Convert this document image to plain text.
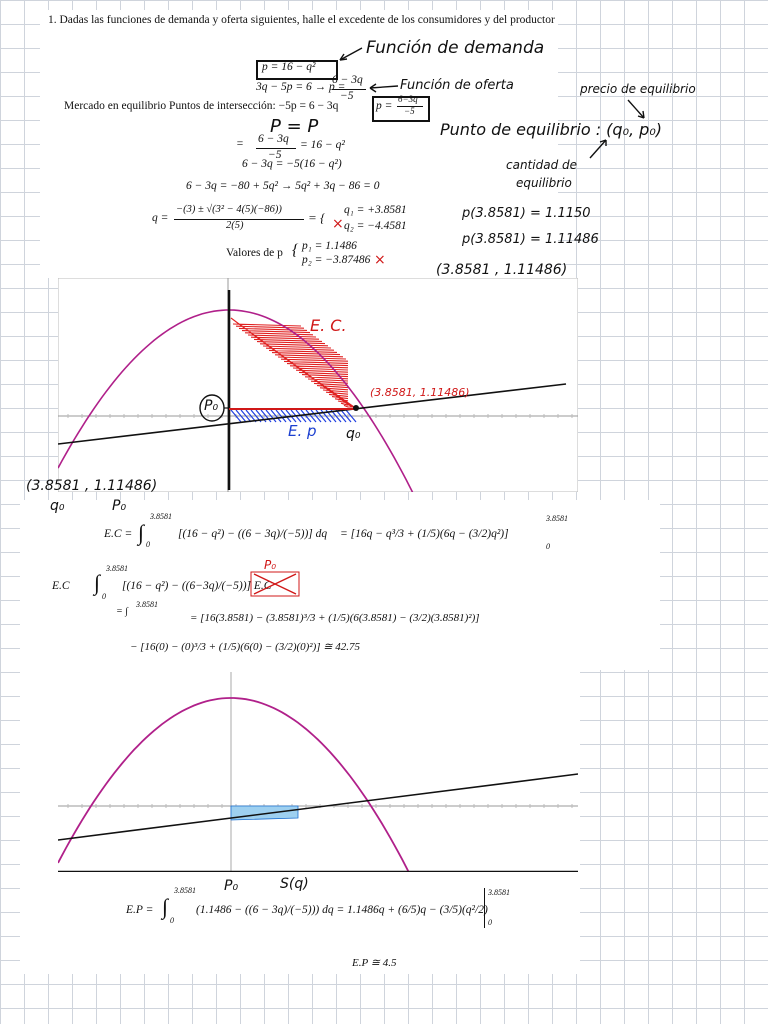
1. Dadas las funciones de demanda y oferta siguientes, halle el excedente de los consumidores y del productor
p = 16 − q²
3q − 5p = 6 → p =
6 − 3q
−5
Mercado en equilibrio Puntos de intersección: −5p = 6 − 3q	p =
6−3q
−5
Función de demanda
Función de oferta	precio de equilibrio
Punto de equilibrio : (q₀, p₀)
cantidad de
equilibrio
P = P
p(3.8581) = 1.1150
p(3.8581) = 1.11486
(3.8581 , 1.11486)
= 6 − 3q
−5
= 16 − q²
6 − 3q = −5(16 − q²)
6 − 3q = −80 + 5q² → 5q² + 3q − 86 = 0
q =
−(3) ± √(3² − 4(5)(−86))
2(5)
= { q₁ = +3.8581
q₂ = −4.4581
×
Valores de p { p₁ = 1.1486
p₂ = −3.87486 ×
E. C.
E. p
(3.8581, 1.11486)
P₀
q₀
(3.8581 , 1.11486)
q₀	P₀
E.C = ∫
3.8581
0
[(16 − q²) − ((6 − 3q)/(−5))] dq = [16q − q³/3 + (1/5)(6q − (3/2)q²)]
3.8581
0
P₀
E.C ∫
3.8581
0
[(16 − q²) − ((6−3q)/(−5))] E.C
= ∫
3.8581
= [16(3.8581) − (3.8581)³/3 + (1/5)(6(3.8581) − (3/2)(3.8581)²)]
− [16(0) − (0)³/3 + (1/5)(6(0) − (3/2)(0)²)] ≅ 42.75
P₀	S(q)
E.P = ∫
3.8581
0
(1.1486 − ((6 − 3q)/(−5))) dq = 1.1486q + (6/5)q − (3/5)(q²/2)
3.8581
0
E.P ≅ 4.5
